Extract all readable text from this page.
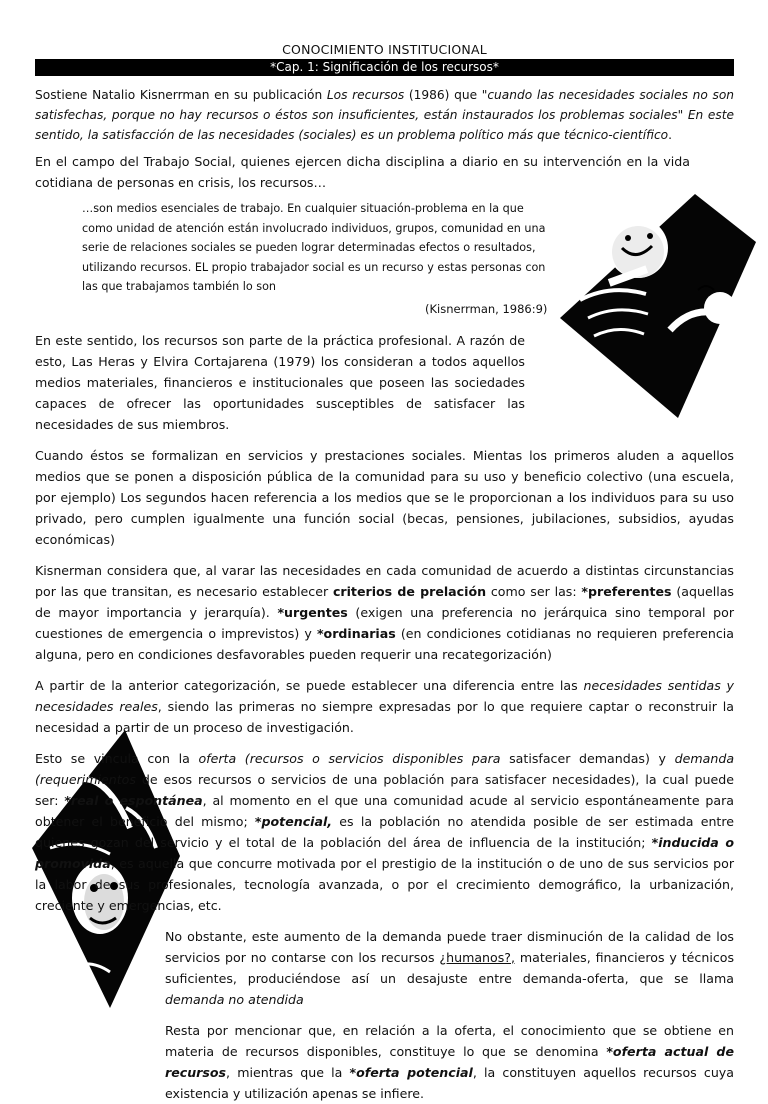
CONOCIMIENTO INSTITUCIONAL
*Cap. 1: Significación de los recursos*

Sostiene Natalio Kisnerrman en su publicación Los recursos (1986) que "cuando las necesidades sociales no son satisfechas, porque no hay recursos o éstos son insuficientes, están instaurados los problemas sociales" En este sentido, la satisfacción de las necesidades (sociales) es un problema político más que técnico-científico.

En el campo del Trabajo Social, quienes ejercen dicha disciplina a diario en su intervención en la vida cotidiana de personas en crisis, los recursos…

…son medios esenciales de trabajo. En cualquier situación-problema en la que como unidad de atención están involucrado individuos, grupos, comunidad en una serie de relaciones sociales se pueden lograr determinadas efectos o resultados, utilizando recursos. EL propio trabajador social es un recurso y estas personas con las que trabajamos también lo son

(Kisnerrman, 1986:9)

En este sentido, los recursos son parte de la práctica profesional. A razón de esto, Las Heras y Elvira Cortajarena (1979) los consideran a todos aquellos medios materiales, financieros e institucionales que poseen las sociedades capaces de ofrecer las oportunidades susceptibles de satisfacer las necesidades de sus miembros.

Cuando éstos se formalizan en servicios y prestaciones sociales. Mientas los primeros aluden a aquellos medios que se ponen a disposición pública de la comunidad para su uso y beneficio colectivo (una escuela, por ejemplo) Los segundos hacen referencia a los medios que se le proporcionan a los individuos para su uso privado, pero cumplen igualmente una función social (becas, pensiones, jubilaciones, subsidios, ayudas económicas)

Kisnerman considera que, al varar las necesidades en cada comunidad de acuerdo a distintas circunstancias por las que transitan, es necesario establecer criterios de prelación como ser las: *preferentes (aquellas de mayor importancia y jerarquía). *urgentes (exigen una preferencia no jerárquica sino temporal por cuestiones de emergencia o imprevistos) y *ordinarias (en condiciones cotidianas no requieren preferencia alguna, pero en condiciones desfavorables pueden requerir una recategorización)

A partir de la anterior categorización, se puede establecer una diferencia entre las necesidades sentidas y necesidades reales, siendo las primeras no siempre expresadas por lo que requiere captar o reconstruir la necesidad a partir de un proceso de investigación.

Esto se vincula con la oferta (recursos o servicios disponibles para satisfacer demandas) y demanda (requerimientos de esos recursos o servicios de una población para satisfacer necesidades), la cual puede ser: *real o espontánea, al momento en el que una comunidad acude al servicio espontáneamente para obtener el beneficio del mismo; *potencial, es la población no atendida posible de ser estimada entre quienes gozan del servicio y el total de la población del área de influencia de la institución; *inducida o promovida, es aquella que concurre motivada por el prestigio de la institución o de uno de sus servicios por la labor de sus profesionales, tecnología avanzada, o por el crecimiento demográfico, la urbanización, creciente y emergencias, etc.

No obstante, este aumento de la demanda puede traer disminución de la calidad de los servicios por no contarse con los recursos ¿humanos?, materiales, financieros y técnicos suficientes, produciéndose así un desajuste entre demanda-oferta, que se llama demanda no atendida

Resta por mencionar que, en relación a la oferta, el conocimiento que se obtiene en materia de recursos disponibles, constituye lo que se denomina *oferta actual de recursos, mientras que la *oferta potencial, la constituyen aquellos recursos cuya existencia y utilización apenas se infiere.
